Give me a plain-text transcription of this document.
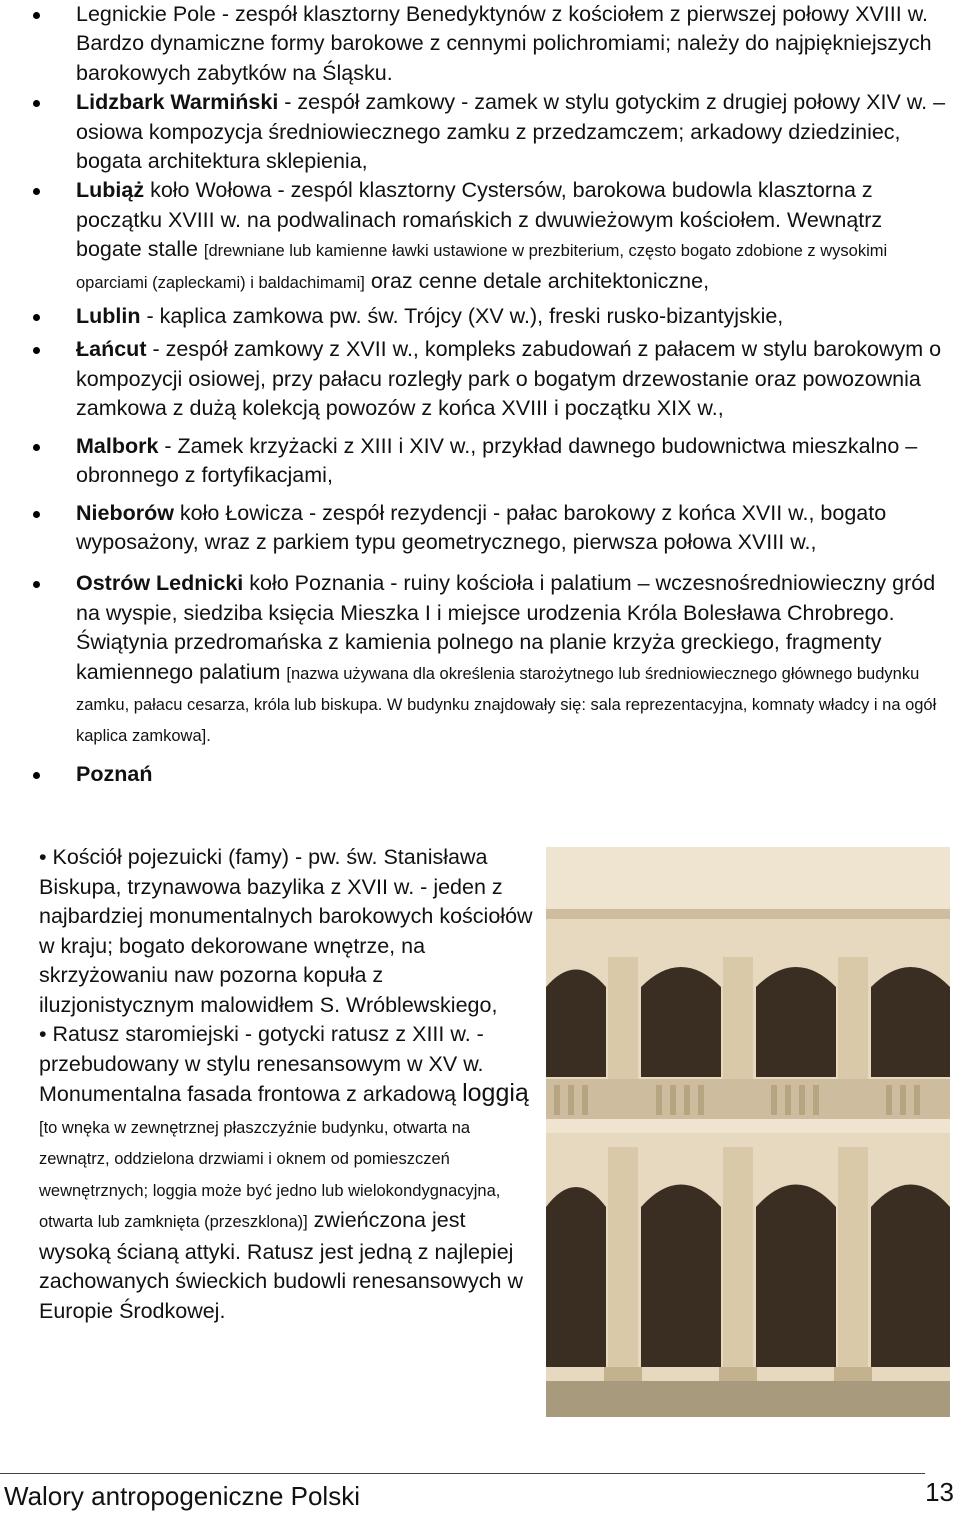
Legnickie Pole - zespół klasztorny Benedyktynów z kościołem z pierwszej połowy XVIII w. Bardzo dynamiczne formy barokowe z cennymi polichromiami; należy do najpiękniejszych barokowych zabytków na Śląsku.
Lidzbark Warmiński - zespół zamkowy - zamek w stylu gotyckim z drugiej połowy XIV w. – osiowa kompozycja średniowiecznego zamku z przedzamczem; arkadowy dziedziniec, bogata architektura sklepienia,
Lubiąż koło Wołowa - zespól klasztorny Cystersów, barokowa budowla klasztorna z początku XVIII w. na podwalinach romańskich z dwuwieżowym kościołem. Wewnątrz bogate stalle [drewniane lub kamienne ławki ustawione w prezbiterium, często bogato zdobione z wysokimi oparciami (zapleckami) i baldachimami] oraz cenne detale architektoniczne,
Lublin - kaplica zamkowa pw. św. Trójcy (XV w.), freski rusko-bizantyjskie,
Łańcut - zespół zamkowy z XVII w., kompleks zabudowań z pałacem w stylu barokowym o kompozycji osiowej, przy pałacu rozległy park o bogatym drzewostanie oraz powozownia zamkowa z dużą kolekcją powozów z końca XVIII i początku XIX w.,
Malbork - Zamek krzyżacki z XIII i XIV w., przykład dawnego budownictwa mieszkalno – obronnego z fortyfikacjami,
Nieborów koło Łowicza - zespół rezydencji - pałac barokowy z końca XVII w., bogato wyposażony, wraz z parkiem typu geometrycznego, pierwsza połowa XVIII w.,
Ostrów Lednicki koło Poznania - ruiny kościoła i palatium – wczesnośredniowieczny gród na wyspie, siedziba księcia Mieszka I i miejsce urodzenia Króla Bolesława Chrobrego. Świątynia przedromańska z kamienia polnego na planie krzyża greckiego, fragmenty kamiennego palatium [nazwa używana dla określenia starożytnego lub średniowiecznego głównego budynku zamku, pałacu cesarza, króla lub biskupa. W budynku znajdowały się: sala reprezentacyjna, komnaty władcy i na ogół kaplica zamkowa].
Poznań
• Kościół pojezuicki (famy) - pw. św. Stanisława Biskupa, trzynawowa bazylika z XVII w. - jeden z najbardziej monumentalnych barokowych kościołów w kraju; bogato dekorowane wnętrze, na skrzyżowaniu naw pozorna kopuła z iluzjonistycznym malowidłem S. Wróblewskiego,
• Ratusz staromiejski - gotycki ratusz z XIII w. - przebudowany w stylu renesansowym w XV w. Monumentalna fasada frontowa z arkadową loggią [to wnęka w zewnętrznej płaszczyźnie budynku, otwarta na zewnątrz, oddzielona drzwiami i oknem od pomieszczeń wewnętrznych; loggia może być jedno lub wielokondygnacyjna, otwarta lub zamknięta (przeszklona)] zwieńczona jest wysoką ścianą attyki. Ratusz jest jedną z najlepiej zachowanych świeckich budowli renesansowych w Europie Środkowej.
Walory antropogeniczne Polski	13
